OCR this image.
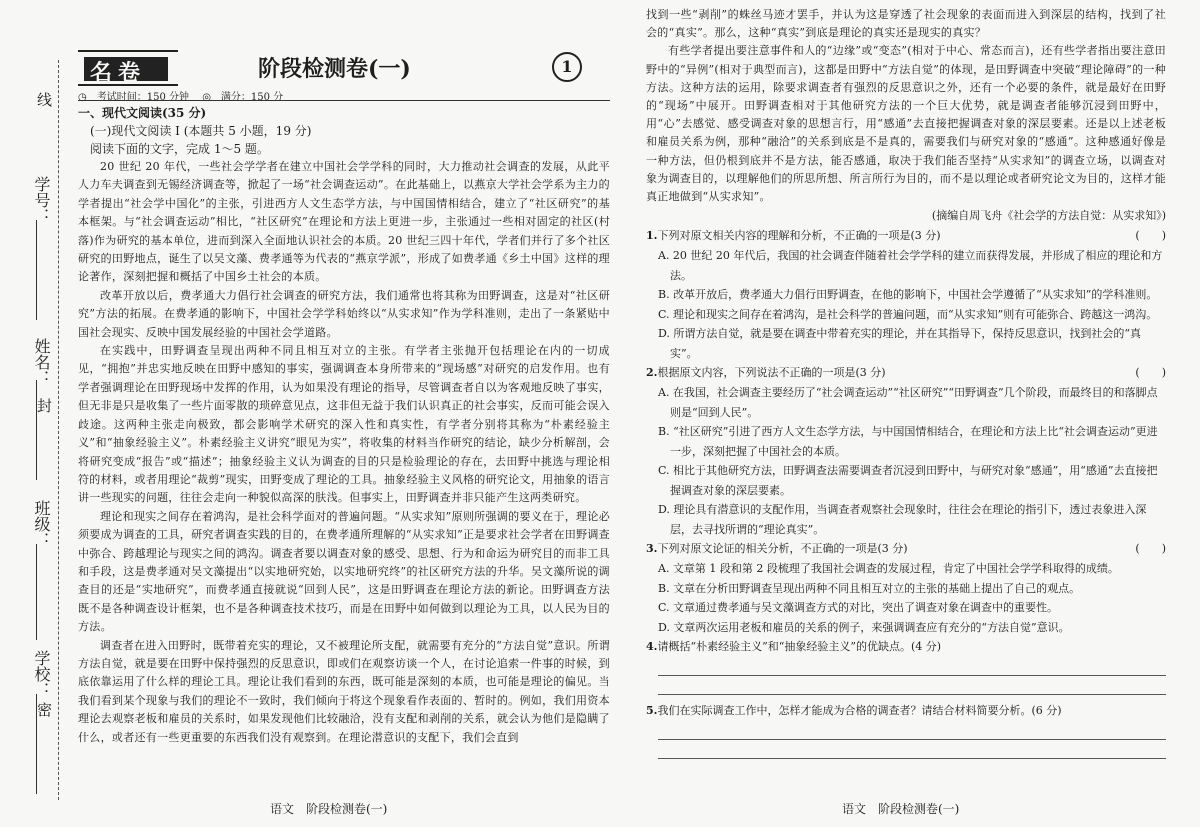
线
封
密
学号：
姓名：
班级：
学校：
名卷	阶段检测卷(一)	1
◷ 考试时间：150 分钟 ◎ 满分：150 分
一、现代文阅读(35 分)
(一)现代文阅读 I (本题共 5 小题，19 分)
阅读下面的文字，完成 1～5 题。

20 世纪 20 年代，一些社会学学者在建立中国社会学学科的同时，大力推动社会调查的发展，从此平人力车夫调查到无锡经济调查等，掀起了一场“社会调查运动”。在此基础上，以燕京大学社会学系为主力的学者提出“社会学中国化”的主张，引进西方人文生态学方法，与中国国情相结合，建立了“社区研究”的基本框架。与“社会调查运动”相比，“社区研究”在理论和方法上更进一步，主张通过一些相对固定的社区(村落)作为研究的基本单位，进而到深入全面地认识社会的本质。20 世纪三四十年代，学者们并行了多个社区研究的田野地点，诞生了以吴文藻、费孝通等为代表的“燕京学派”，形成了如费孝通《乡土中国》这样的理论著作，深刻把握和概括了中国乡土社会的本质。

改革开放以后，费孝通大力倡行社会调查的研究方法，我们通常也将其称为田野调查，这是对“社区研究”方法的拓展。在费孝通的影响下，中国社会学学科始终以“从实求知”作为学科准则，走出了一条紧贴中国社会现实、反映中国发展经验的中国社会学道路。

在实践中，田野调查呈现出两种不同且相互对立的主张。有学者主张抛开包括理论在内的一切成见，“拥抱”并忠实地反映在田野中感知的事实，强调调查本身所带来的“现场感”对研究的启发作用。也有学者强调理论在田野现场中发挥的作用，认为如果没有理论的指导，尽管调查者自以为客观地反映了事实，但无非是只是收集了一些片面零散的琐碎意见点，这非但无益于我们认识真正的社会事实，反而可能会误入歧途。这两种主张走向极致，都会影响学术研究的深入性和真实性，有学者分别将其称为“朴素经验主义”和“抽象经验主义”。朴素经验主义讲究“眼见为实”，将收集的材料当作研究的结论，缺少分析解剖，会将研究变成“报告”或“描述”；抽象经验主义认为调查的目的只是检验理论的存在，去田野中挑选与理论相符的材料，或者用理论“裁剪”现实，田野变成了理论的工具。抽象经验主义风格的研究论文，用抽象的语言讲一些现实的问题，往往会走向一种貌似高深的肤浅。但事实上，田野调查并非只能产生这两类研究。

理论和现实之间存在着鸿沟，是社会科学面对的普遍问题。“从实求知”原则所强调的要义在于，理论必须要成为调查的工具，研究者调查实践的目的，在费孝通所理解的“从实求知”正是要求社会学者在田野调查中弥合、跨越理论与现实之间的鸿沟。调查者要以调查对象的感受、思想、行为和命运为研究目的而非工具和手段，这是费孝通对吴文藻提出“以实地研究始，以实地研究终”的社区研究方法的升华。吴文藻所说的调查目的还是“实地研究”，而费孝通直接就说“回到人民”，这是田野调查在理论方法的新论。田野调查方法既不是各种调查设计框架，也不是各种调查技术技巧，而是在田野中如何做到以理论为工具，以人民为目的方法。

调查者在进入田野时，既带着充实的理论，又不被理论所支配，就需要有充分的“方法自觉”意识。所谓方法自觉，就是要在田野中保持强烈的反思意识，即或们在观察访谈一个人，在讨论追索一件事的时候，到底依靠运用了什么样的理论工具。理论让我们看到的东西，既可能是深刻的本质，也可能是理论的偏见。当我们看到某个现象与我们的理论不一致时，我们倾向于将这个现象看作表面的、暂时的。例如，我们用资本理论去观察老板和雇员的关系时，如果发现他们比较融洽，没有支配和剥削的关系，就会认为他们是隐瞒了什么，或者还有一些更重要的东西我们没有观察到。在理论潜意识的支配下，我们会直到

语文　阶段检测卷(一)

找到一些“剥削”的蛛丝马迹才罢手，并认为这是穿透了社会现象的表面而进入到深层的结构，找到了社会的“真实”。那么，这种“真实”到底是理论的真实还是现实的真实？

有些学者提出要注意事件和人的“边缘”或“变态”(相对于中心、常态而言)，还有些学者指出要注意田野中的“异例”(相对于典型而言)，这都是田野中“方法自觉”的体现，是田野调查中突破“理论障碍”的一种方法。这种方法的运用，除要求调查者有强烈的反思意识之外，还有一个必要的条件，就是最好在田野的“现场”中展开。田野调查相对于其他研究方法的一个巨大优势，就是调查者能够沉浸到田野中，用“心”去感觉、感受调查对象的思想言行，用“感通”去直接把握调查对象的深层要素。还是以上述老板和雇员关系为例，那种“融洽”的关系到底是不是真的，需要我们与研究对象的“感通”。这种感通好像是一种方法，但仍根到底并不是方法，能否感通，取决于我们能否坚持“从实求知”的调查立场，以调查对象为调查目的，以理解他们的所思所想、所言所行为目的，而不是以理论或者研究论文为目的，这样才能真正地做到“从实求知”。

(摘编自周飞舟《社会学的方法自觉：从实求知》)
1.下列对原文相关内容的理解和分析，不正确的一项是(3 分)	(　　)

A. 20 世纪 20 年代后，我国的社会调查伴随着社会学学科的建立而获得发展，并形成了相应的理论和方法。

B. 改革开放后，费孝通大力倡行田野调查，在他的影响下，中国社会学遵循了“从实求知”的学科准则。

C. 理论和现实之间存在着鸿沟，是社会科学的普遍问题，而“从实求知”则有可能弥合、跨越这一鸿沟。

D. 所谓方法自觉，就是要在调查中带着充实的理论，并在其指导下，保持反思意识，找到社会的“真实”。

2.根据原文内容，下列说法不正确的一项是(3 分)	(　　)

A. 在我国，社会调查主要经历了“社会调查运动”“社区研究”“田野调查”几个阶段，而最终目的和落脚点则是“回到人民”。

B. “社区研究”引进了西方人文生态学方法，与中国国情相结合，在理论和方法上比“社会调查运动”更进一步，深刻把握了中国社会的本质。

C. 相比于其他研究方法，田野调查法需要调查者沉浸到田野中，与研究对象“感通”，用“感通”去直接把握调查对象的深层要素。

D. 理论具有潜意识的支配作用，当调查者观察社会现象时，往往会在理论的指引下，透过表象进入深层，去寻找所谓的“理论真实”。

3.下列对原文论证的相关分析，不正确的一项是(3 分)	(　　)

A. 文章第 1 段和第 2 段梳理了我国社会调查的发展过程，肯定了中国社会学学科取得的成绩。

B. 文章在分析田野调查呈现出两种不同且相互对立的主张的基础上提出了自己的观点。

C. 文章通过费孝通与吴文藻调查方式的对比，突出了调查对象在调查中的重要性。

D. 文章两次运用老板和雇员的关系的例子，来强调调查应有充分的“方法自觉”意识。

4.请概括“朴素经验主义”和“抽象经验主义”的优缺点。(4 分)
5.我们在实际调查工作中，怎样才能成为合格的调查者？请结合材料简要分析。(6 分)
语文　阶段检测卷(一)
